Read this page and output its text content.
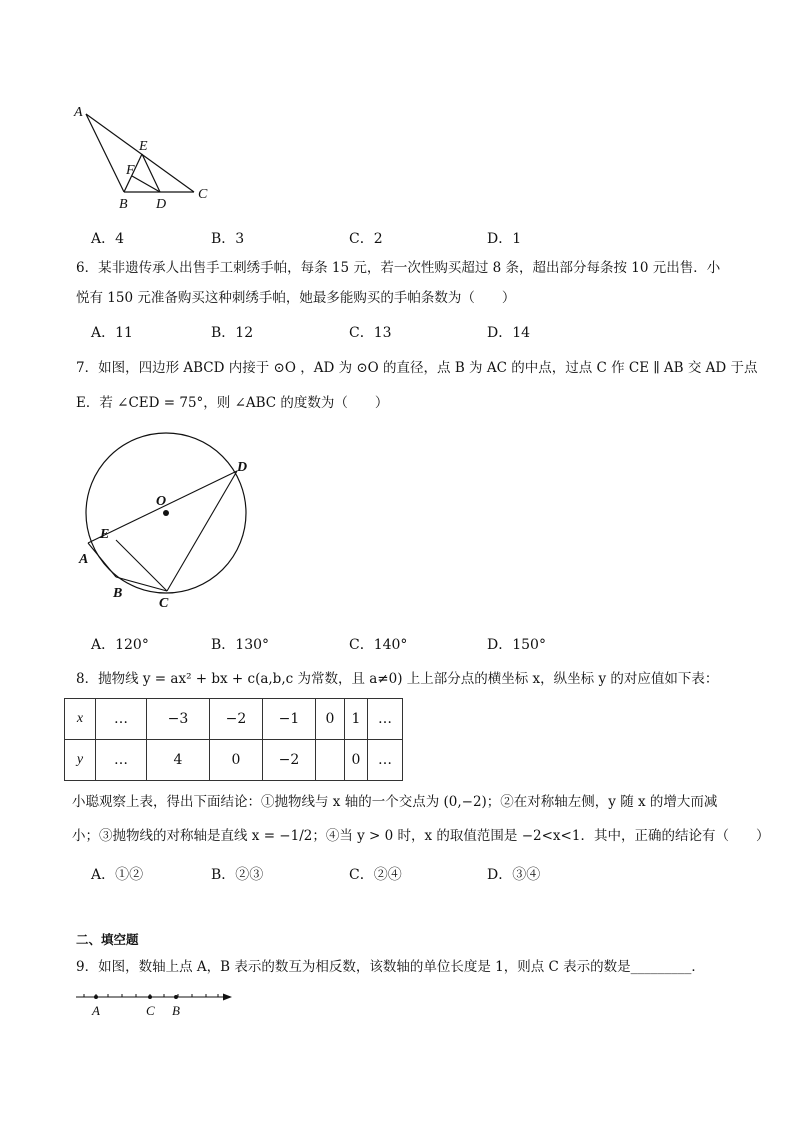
A
E
F
B D
C
A．4	B．3	C．2	D．1
6．某非遗传承人出售手工刺绣手帕，每条 15 元，若一次性购买超过 8 条，超出部分每条按 10 元出售．小
悦有 150 元准备购买这种刺绣手帕，她最多能购买的手帕条数为（　　）
A．11	B．12	C．13	D．14
7．如图，四边形 ABCD 内接于 ⊙O ，AD 为 ⊙O 的直径，点 B 为 AC 的中点，过点 C 作 CE ∥ AB 交 AD 于点
E．若 ∠CED = 75°，则 ∠ABC 的度数为（　　）
O
D
E
A
B
C
A．120°	B．130°	C．140°	D．150°
8．抛物线 y = ax² + bx + c(a,b,c 为常数，且 a≠0) 上上部分点的横坐标 x，纵坐标 y 的对应值如下表：
x	…	−3	−2	−1	0	1	…
y	…	4	0	−2		0	…
小聪观察上表，得出下面结论：①抛物线与 x 轴的一个交点为 (0,−2)；②在对称轴左侧，y 随 x 的增大而减
小；③抛物线的对称轴是直线 x = −1/2；④当 y > 0 时，x 的取值范围是 −2<x<1．其中，正确的结论有（　　）
A．①②	B．②③	C．②④	D．③④
二、填空题
9．如图，数轴上点 A，B 表示的数互为相反数，该数轴的单位长度是 1，则点 C 表示的数是_________．
A	C B
